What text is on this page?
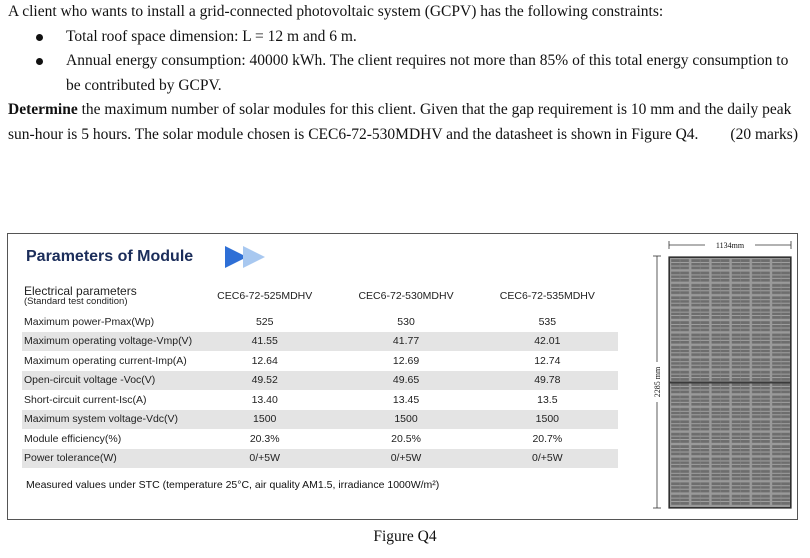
A client who wants to install a grid-connected photovoltaic system (GCPV) has the following constraints:

Total roof space dimension: L = 12 m and 6 m.
Annual energy consumption: 40000 kWh. The client requires not more than 85% of this total energy consumption to be contributed by GCPV.

Determine the maximum number of solar modules for this client. Given that the gap requirement is 10 mm and the daily peak sun-hour is 5 hours. The solar module chosen is CEC6-72-530MDHV and the datasheet is shown in Figure Q4. (20 marks)

Parameters of Module
Electrical parameters
(Standard test condition)	CEC6-72-525MDHV	CEC6-72-530MDHV	CEC6-72-535MDHV
Maximum power-Pmax(Wp)	525	530	535
Maximum operating voltage-Vmp(V)	41.55	41.77	42.01
Maximum operating current-Imp(A)	12.64	12.69	12.74
Open-circuit voltage -Voc(V)	49.52	49.65	49.78
Short-circuit current-Isc(A)	13.40	13.45	13.5
Maximum system voltage-Vdc(V)	1500	1500	1500
Module efficiency(%)	20.3%	20.5%	20.7%
Power tolerance(W)	0/+5W	0/+5W	0/+5W
Measured values under STC (temperature 25°C, air quality AM1.5, irradiance 1000W/m²)
1134mm
2285 mm
Figure Q4
